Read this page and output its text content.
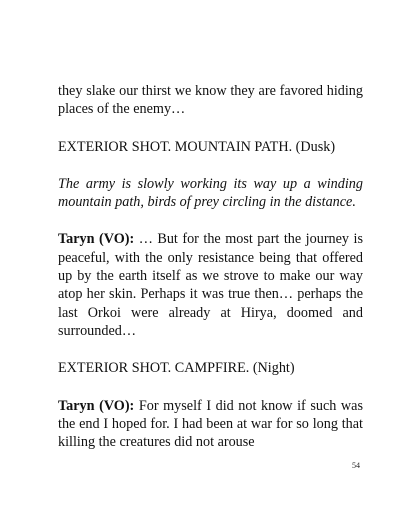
they slake our thirst we know they are favored hiding places of the enemy…

EXTERIOR SHOT. MOUNTAIN PATH. (Dusk)

The army is slowly working its way up a winding mountain path, birds of prey circling in the distance.

Taryn (VO): … But for the most part the journey is peaceful, with the only resistance being that offered up by the earth itself as we strove to make our way atop her skin. Perhaps it was true then… perhaps the last Orkoi were already at Hirya, doomed and surrounded…

EXTERIOR SHOT. CAMPFIRE. (Night)

Taryn (VO): For myself I did not know if such was the end I hoped for. I had been at war for so long that killing the creatures did not arouse

54
